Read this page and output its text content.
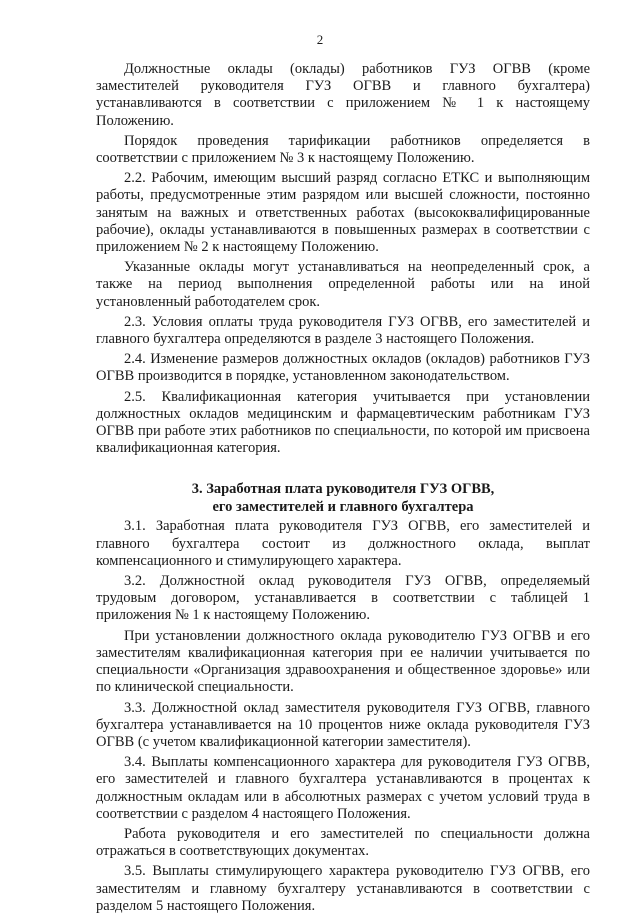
2

Должностные оклады (оклады) работников ГУЗ ОГВВ (кроме заместителей руководителя ГУЗ ОГВВ и главного бухгалтера) устанавливаются в соответствии с приложением № 1 к настоящему Положению.

Порядок проведения тарификации работников определяется в соответствии с приложением № 3 к настоящему Положению.

2.2. Рабочим, имеющим высший разряд согласно ЕТКС и выполняющим работы, предусмотренные этим разрядом или высшей сложности, постоянно занятым на важных и ответственных работах (высококвалифицированные рабочие), оклады устанавливаются в повышенных размерах в соответствии с приложением № 2 к настоящему Положению.

Указанные оклады могут устанавливаться на неопределенный срок, а также на период выполнения определенной работы или на иной установленный работодателем срок.

2.3. Условия оплаты труда руководителя ГУЗ ОГВВ, его заместителей и главного бухгалтера определяются в разделе 3 настоящего Положения.

2.4. Изменение размеров должностных окладов (окладов) работников ГУЗ ОГВВ производится в порядке, установленном законодательством.

2.5. Квалификационная категория учитывается при установлении должностных окладов медицинским и фармацевтическим работникам ГУЗ ОГВВ при работе этих работников по специальности, по которой им присвоена квалификационная категория.

3. Заработная плата руководителя ГУЗ ОГВВ,
его заместителей и главного бухгалтера

3.1. Заработная плата руководителя ГУЗ ОГВВ, его заместителей и главного бухгалтера состоит из должностного оклада, выплат компенсационного и стимулирующего характера.

3.2. Должностной оклад руководителя ГУЗ ОГВВ, определяемый трудовым договором, устанавливается в соответствии с таблицей 1 приложения № 1 к настоящему Положению.

При установлении должностного оклада руководителю ГУЗ ОГВВ и его заместителям квалификационная категория при ее наличии учитывается по специальности «Организация здравоохранения и общественное здоровье» или по клинической специальности.

3.3. Должностной оклад заместителя руководителя ГУЗ ОГВВ, главного бухгалтера устанавливается на 10 процентов ниже оклада руководителя ГУЗ ОГВВ (с учетом квалификационной категории заместителя).

3.4. Выплаты компенсационного характера для руководителя ГУЗ ОГВВ, его заместителей и главного бухгалтера устанавливаются в процентах к должностным окладам или в абсолютных размерах с учетом условий труда в соответствии с разделом 4 настоящего Положения.

Работа руководителя и его заместителей по специальности должна отражаться в соответствующих документах.

3.5. Выплаты стимулирующего характера руководителю ГУЗ ОГВВ, его заместителям и главному бухгалтеру устанавливаются в соответствии с разделом 5 настоящего Положения.
